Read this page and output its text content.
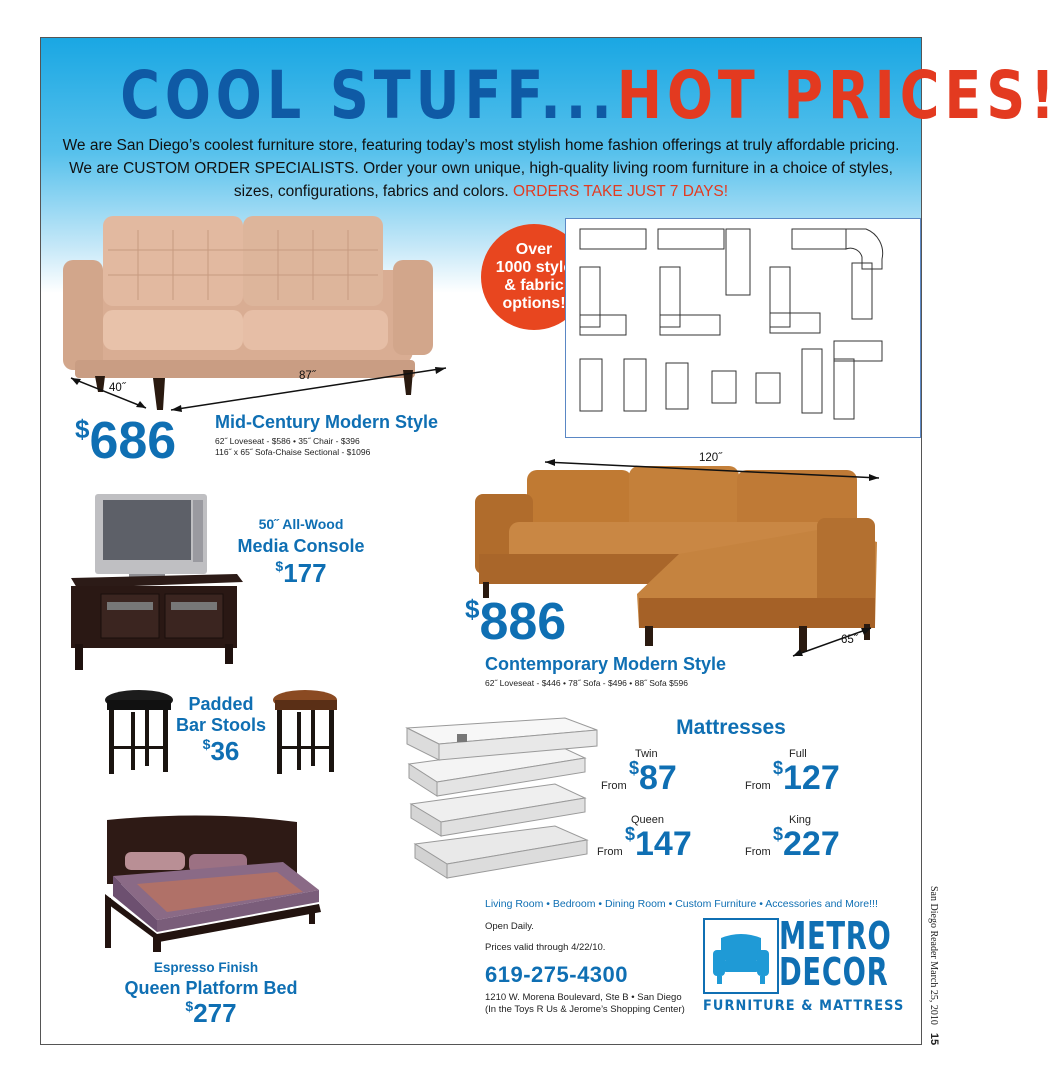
COOL STUFF...HOT PRICES!
We are San Diego’s coolest furniture store, featuring today’s most stylish home fashion offerings at truly affordable pricing. We are CUSTOM ORDER SPECIALISTS. Order your own unique, high-quality living room furniture in a choice of styles, sizes, configurations, fabrics and colors. ORDERS TAKE JUST 7 DAYS!
40˝
87˝
Over
1000 style
& fabric
options!
$686 Mid-Century Modern Style
62˝ Loveseat - $586 • 35˝ Chair - $396
116˝ x 65˝ Sofa-Chaise Sectional - $1096
50˝ All-Wood
Media Console
$177
120˝
65˝
$886
Contemporary Modern Style
62˝ Loveseat - $446 • 78˝ Sofa - $496 • 88˝ Sofa $596
Padded
Bar Stools
$36
Mattresses
Twin
From
$87
Full
From
$127
Queen
From
$147
King
From
$227
Espresso Finish
Queen Platform Bed
$277
Living Room • Bedroom • Dining Room • Custom Furniture • Accessories and More!!!
Open Daily.
Prices valid through 4/22/10.
619-275-4300
1210 W. Morena Boulevard, Ste B • San Diego
(In the Toys R Us & Jerome’s Shopping Center)
METRO
DECOR
FURNITURE & MATTRESS San Diego Reader March 25, 201015
